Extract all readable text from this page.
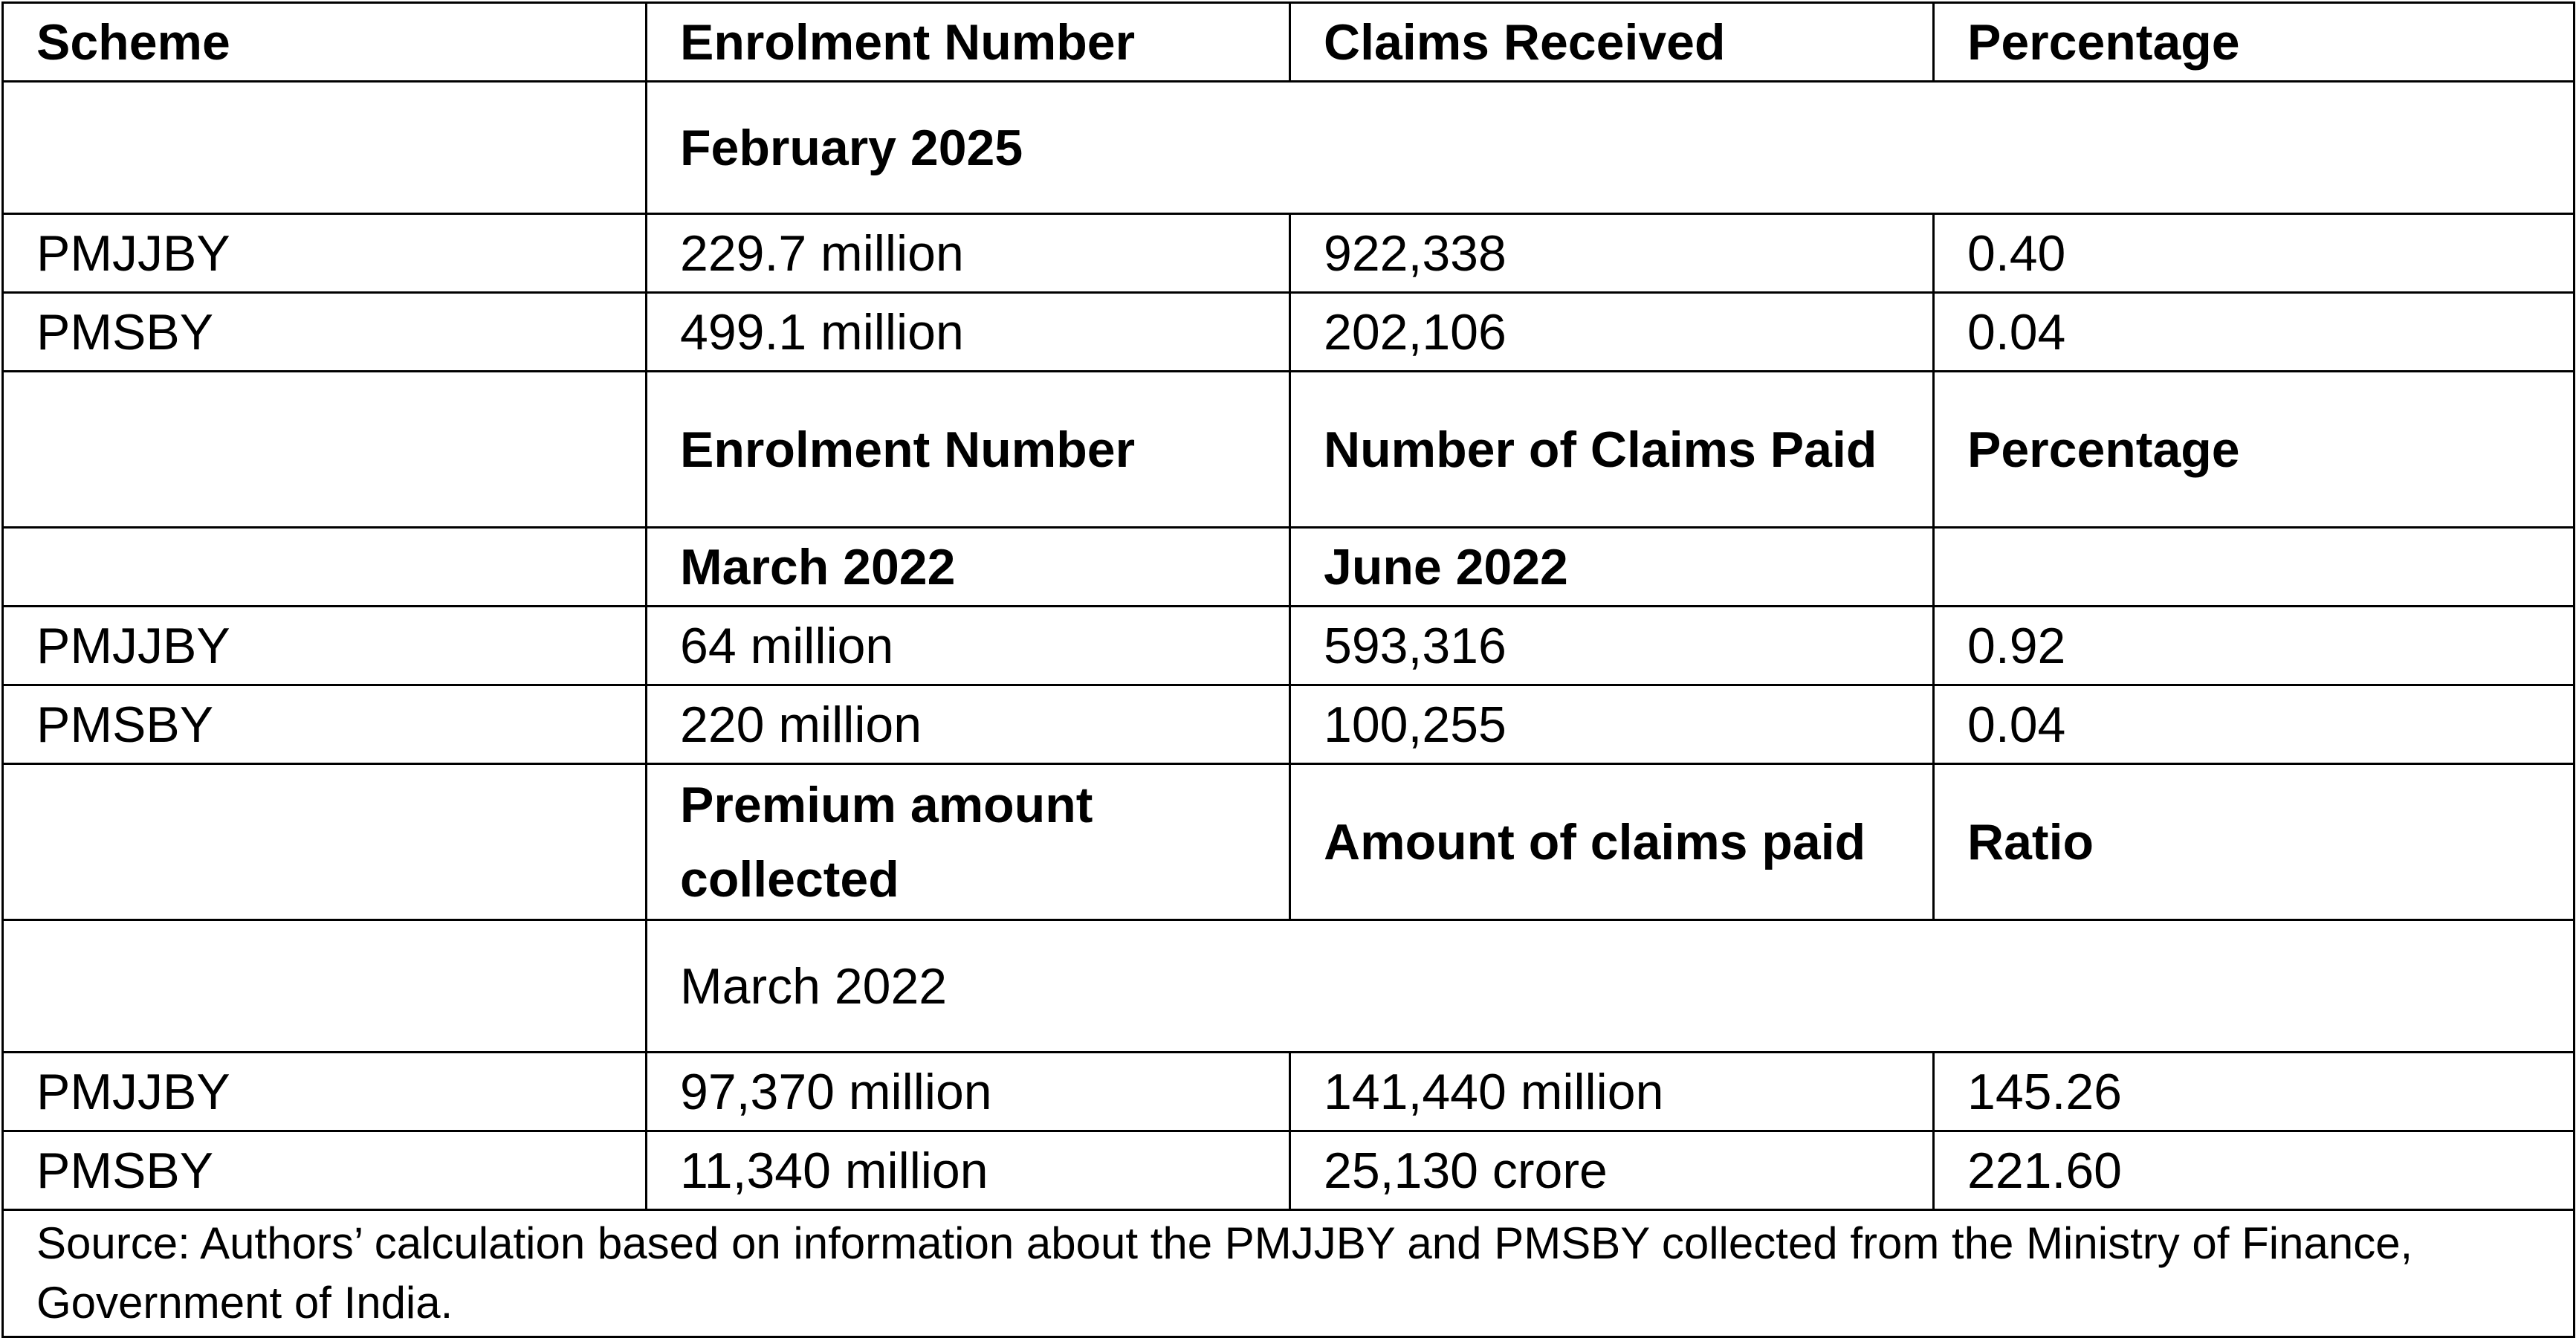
Scheme	Enrolment Number	Claims Received	Percentage
	February 2025		
PMJJBY	229.7 million	922,338	0.40
PMSBY	499.1 million	202,106	0.04
	Enrolment Number	Number of Claims Paid	Percentage
	March 2022	June 2022	
PMJJBY	64 million	593,316	0.92
PMSBY	220 million	100,255	0.04
	Premium amount collected	Amount of claims paid	Ratio
	March 2022		
PMJJBY	97,370 million	141,440 million	145.26
PMSBY	11,340 million	25,130 crore	221.60
Source: Authors’ calculation based on information about the PMJJBY and PMSBY collected from the Ministry of Finance, Government of India.			
